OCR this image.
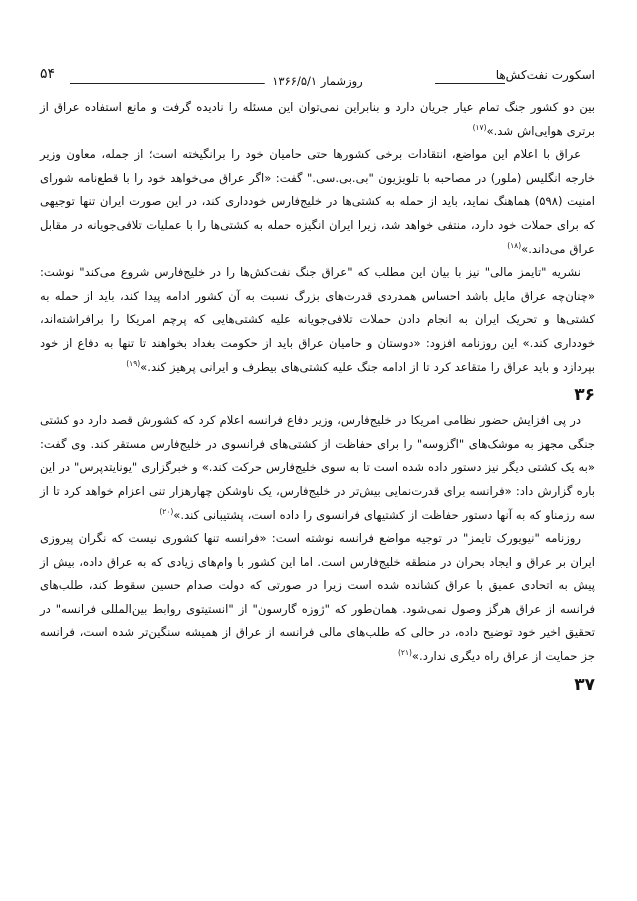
اسکورت نفت‌کش‌ها
روزشمار ۱۳۶۶/۵/۱
۵۴

بین دو کشور جنگ تمام عیار جریان دارد و بنابراین نمی‌توان این مسئله را نادیده گرفت و مانع استفاده عراق از برتری هوایی‌اش شد.»$^{(۱۷)}$

عراق با اعلام این مواضع، انتقادات برخی کشورها حتی حامیان خود را برانگیخته است؛ از جمله، معاون وزیر خارجه انگلیس (ملور) در مصاحبه با تلویزیون "بی.بی.سی." گفت: «اگر عراق می‌خواهد خود را با قطع‌نامه شورای امنیت (۵۹۸) هماهنگ نماید، باید از حمله به کشتی‌ها در خلیج‌فارس خودداری کند، در این صورت ایران تنها توجیهی که برای حملات خود دارد، منتفی خواهد شد، زیرا ایران انگیزه حمله به کشتی‌ها را با عملیات تلافی‌جویانه در مقابل عراق می‌داند.»$^{(۱۸)}$

نشریه "تایمز مالی" نیز با بیان این مطلب که "عراق جنگ نفت‌کش‌ها را در خلیج‌فارس شروع می‌کند" نوشت: «چنان‌چه عراق مایل باشد احساس همدردی قدرت‌های بزرگ نسبت به آن کشور ادامه پیدا کند، باید از حمله به کشتی‌ها و تحریک ایران به انجام دادن حملات تلافی‌جویانه علیه کشتی‌هایی که پرچم امریکا را برافراشته‌اند، خودداری کند.» این روزنامه افزود: «دوستان و حامیان عراق باید از حکومت بغداد بخواهند تا تنها به دفاع از خود بپردازد و باید عراق را متقاعد کرد تا از ادامه جنگ علیه کشتی‌های بیطرف و ایرانی پرهیز کند.»$^{(۱۹)}$

۳۶

در پی افزایش حضور نظامی امریکا در خلیج‌فارس، وزیر دفاع فرانسه اعلام کرد که کشورش قصد دارد دو کشتی جنگی مجهز به موشک‌های "اگزوسه" را برای حفاظت از کشتی‌های فرانسوی در خلیج‌فارس مستقر کند. وی گفت: «به یک کشتی دیگر نیز دستور داده شده است تا به سوی خلیج‌فارس حرکت کند.» و خبرگزاری "یونایتدپرس" در این باره گزارش داد: «فرانسه برای قدرت‌نمایی بیش‌تر در خلیج‌فارس، یک ناوشکن چهارهزار تنی اعزام خواهد کرد تا از سه رزمناو که به آنها دستور حفاظت از کشتیهای فرانسوی را داده است، پشتیبانی کند.»$^{(۲۰)}$

روزنامه "نیویورک تایمز" در توجیه مواضع فرانسه نوشته است: «فرانسه تنها کشوری نیست که نگران پیروزی ایران بر عراق و ایجاد بحران در منطقه خلیج‌فارس است. اما این کشور با وام‌های زیادی که به عراق داده، بیش از پیش به اتحادی عمیق با عراق کشانده شده است زیرا در صورتی که دولت صدام حسین سقوط کند، طلب‌های فرانسه از عراق هرگز وصول نمی‌شود. همان‌طور که "ژوزه گارسون" از "انستیتوی روابط بین‌المللی فرانسه" در تحقیق اخیر خود توضیح داده، در حالی که طلب‌های مالی فرانسه از عراق از همیشه سنگین‌تر شده است، فرانسه جز حمایت از عراق راه دیگری ندارد.»$^{(۲۱)}$

۳۷
